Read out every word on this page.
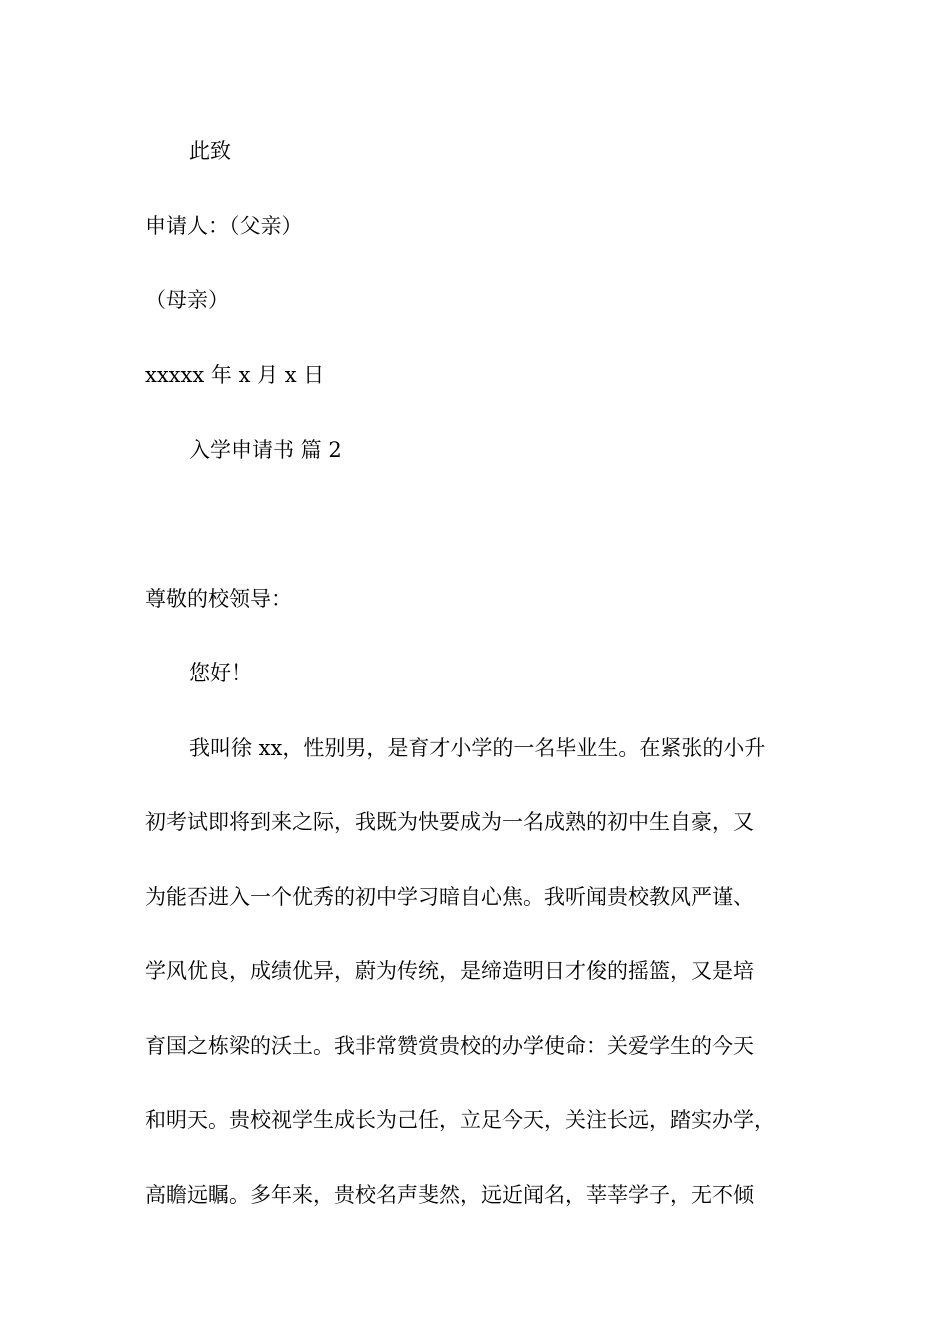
此致
申请人：（父亲）
（母亲）
xxxxx 年 x 月 x 日
入学申请书 篇 2
尊敬的校领导：
您好！
我叫徐 xx，性别男，是育才小学的一名毕业生。在紧张的小升
初考试即将到来之际，我既为快要成为一名成熟的初中生自豪，又
为能否进入一个优秀的初中学习暗自心焦。我听闻贵校教风严谨、
学风优良，成绩优异，蔚为传统，是缔造明日才俊的摇篮，又是培
育国之栋梁的沃土。我非常赞赏贵校的办学使命：关爱学生的今天
和明天。贵校视学生成长为己任，立足今天，关注长远，踏实办学，
高瞻远瞩。多年来，贵校名声斐然，远近闻名，莘莘学子，无不倾
